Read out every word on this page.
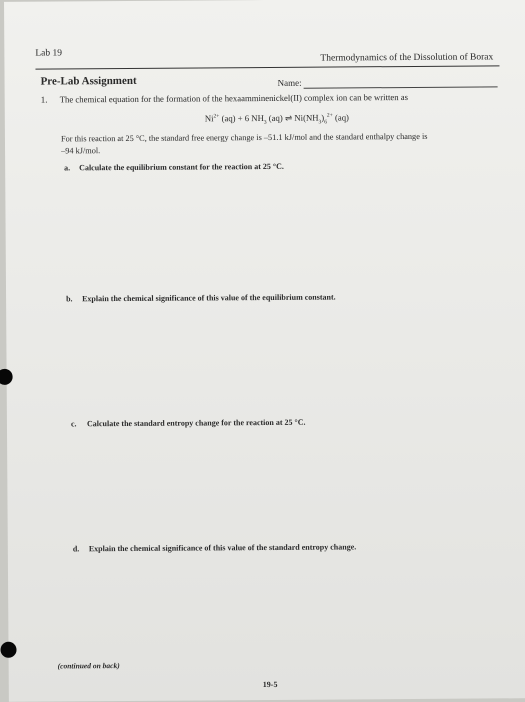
Lab 19	Thermodynamics of the Dissolution of Borax
Pre-Lab Assignment	Name:
1. The chemical equation for the formation of the hexaamminenickel(II) complex ion can be written as
$Ni^{2+}$ (aq) + 6 $NH_3$ (aq) ⇌ $Ni(NH_3)_6^{2+}$ (aq)
For this reaction at 25 °C, the standard free energy change is –51.1 kJ/mol and the standard enthalpy change is
–94 kJ/mol.
a. Calculate the equilibrium constant for the reaction at 25 °C.
b. Explain the chemical significance of this value of the equilibrium constant.
c. Calculate the standard entropy change for the reaction at 25 °C.
d. Explain the chemical significance of this value of the standard entropy change.
(continued on back)
19-5
